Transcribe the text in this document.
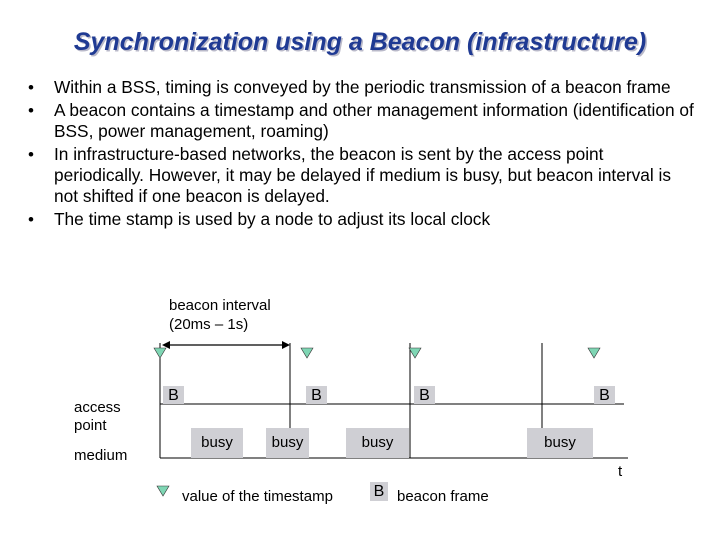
Synchronization using a Beacon (infrastructure)
• Within a BSS, timing is conveyed by the periodic transmission of a beacon frame
• A beacon contains a timestamp and other management information (identification of BSS, power management, roaming)
• In infrastructure-based networks, the beacon is sent by the access point periodically. However, it may be delayed if medium is busy, but beacon interval is not shifted if one beacon is delayed.
• The time stamp is used by a node to adjust its local clock
beacon interval
(20ms – 1s)
access
point
medium
B	B	B	B
busy	busy	busy	busy
t
value of the timestamp	B beacon frame
